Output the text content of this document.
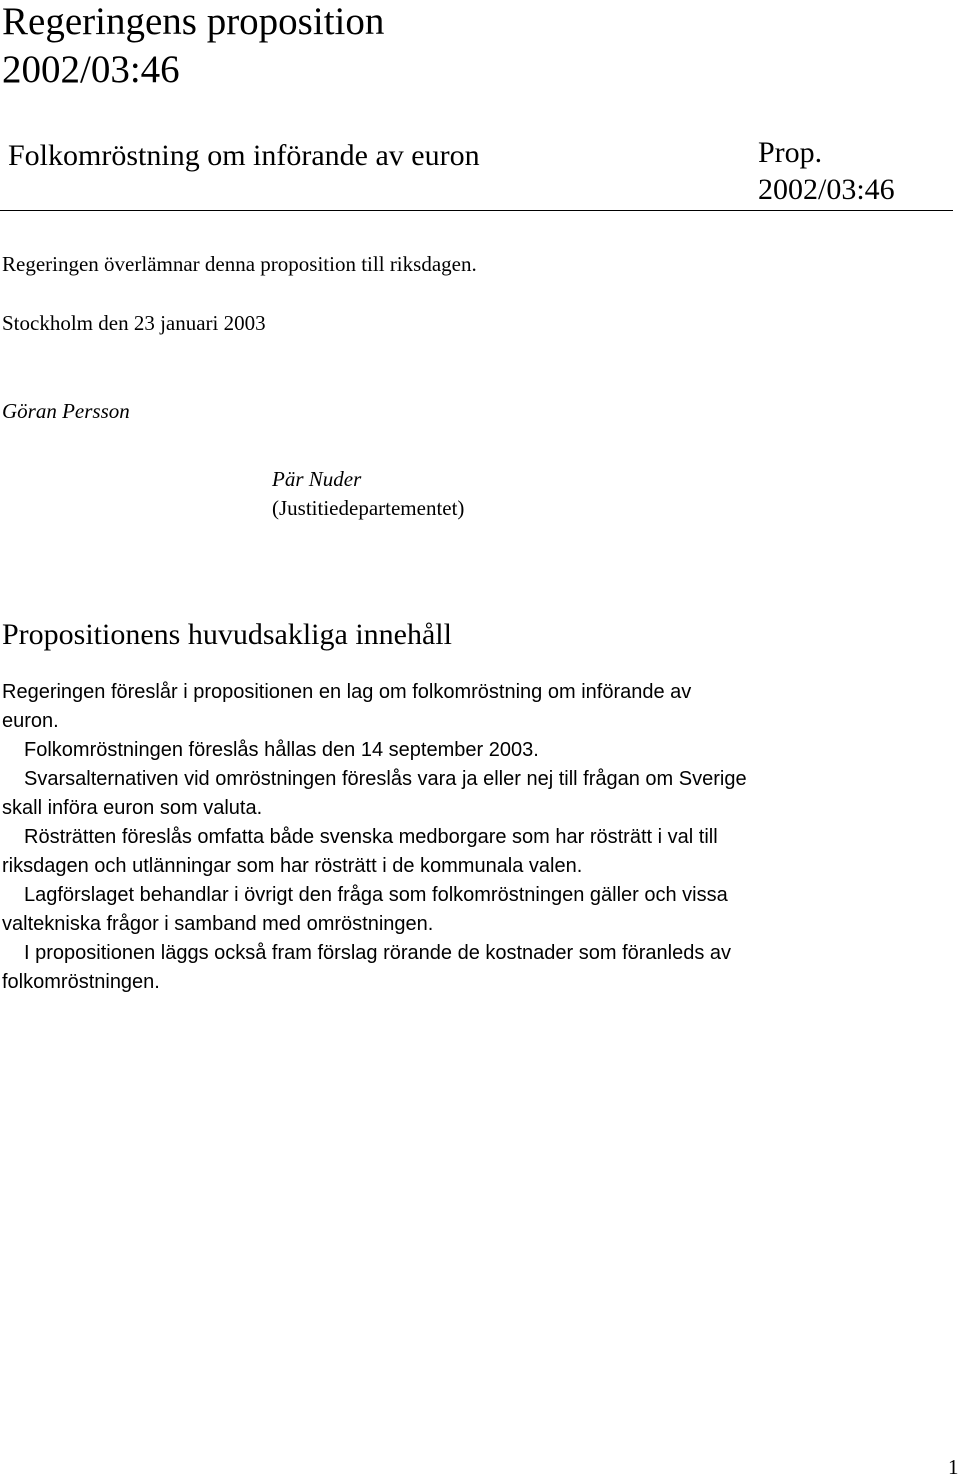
Regeringens proposition
2002/03:46
Folkomröstning om införande av euron	Prop.
2002/03:46

Regeringen överlämnar denna proposition till riksdagen.

Stockholm den 23 januari 2003

Göran Persson

Pär Nuder

(Justitiedepartementet)

Propositionens huvudsakliga innehåll

Regeringen föreslår i propositionen en lag om folkomröstning om införande av euron.

Folkomröstningen föreslås hållas den 14 september 2003.

Svarsalternativen vid omröstningen föreslås vara ja eller nej till frågan om Sverige skall införa euron som valuta.

Rösträtten föreslås omfatta både svenska medborgare som har rösträtt i val till riksdagen och utlänningar som har rösträtt i de kommunala valen.

Lagförslaget behandlar i övrigt den fråga som folkomröstningen gäller och vissa valtekniska frågor i samband med omröstningen.

I propositionen läggs också fram förslag rörande de kostnader som föranleds av folkomröstningen.

1
